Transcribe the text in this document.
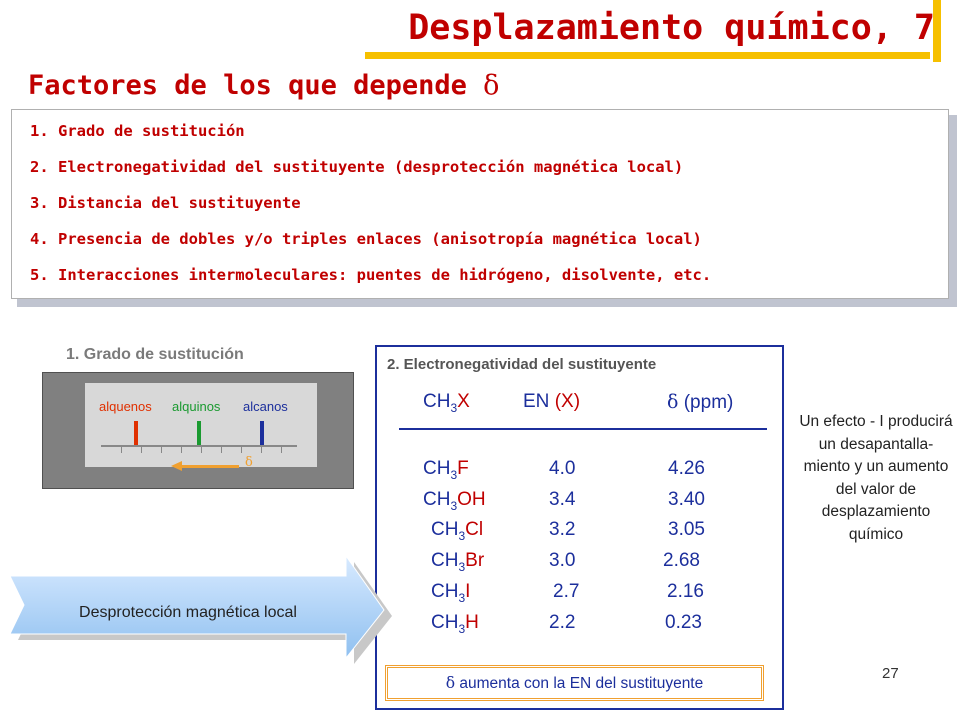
Desplazamiento químico, 7
Factores de los que depende δ
1. Grado de sustitución
2. Electronegatividad del sustituyente (desprotección magnética local)
3. Distancia del sustituyente
4. Presencia de dobles y/o triples enlaces (anisotropía magnética local)
5. Interacciones intermoleculares: puentes de hidrógeno, disolvente, etc.
1. Grado de sustitución
alquenos alquinos alcanos
δ
2. Electronegatividad del sustituyente
$CH_3X$	EN (X)	δ (ppm)
$CH_3F$	4.0	4.26
$CH_3OH$	3.4	3.40
$CH_3Cl$	3.2	3.05
$CH_3Br$	3.0	2.68
$CH_3I$	2.7	2.16
$CH_3H$	2.2	0.23
δ aumenta con la EN del sustituyente
Un efecto - I producirá un desapantalla-miento y un aumento del valor de desplazamiento químico
Desprotección magnética local
27
